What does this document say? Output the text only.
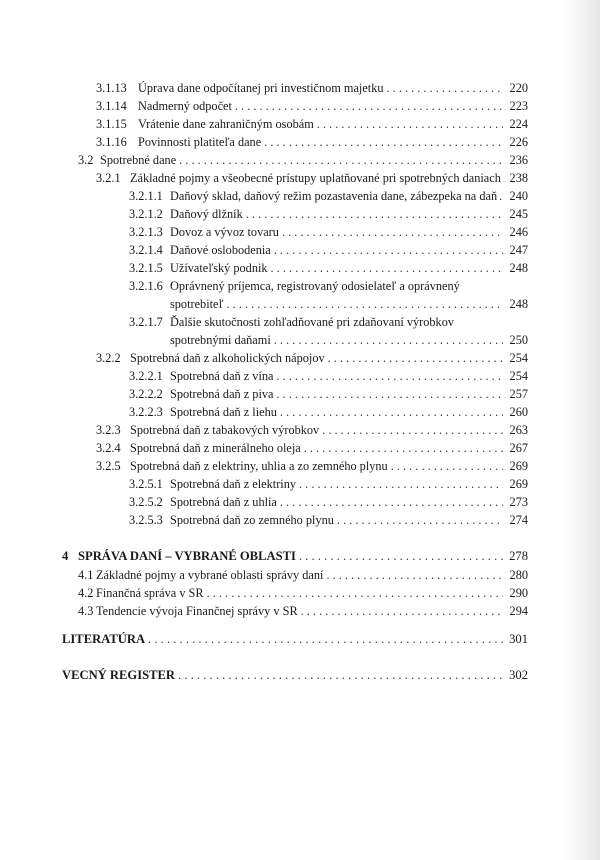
3.1.13 Úprava dane odpočítanej pri investičnom majetku . . .	220
3.1.14 Nadmerný odpočet . . .	223
3.1.15 Vrátenie dane zahraničným osobám . . .	224
3.1.16 Povinnosti platiteľa dane . . .	226
3.2 Spotrebné dane . . .	236
3.2.1 Základné pojmy a všeobecné prístupy uplatňované pri spotrebných daniach . . . 238
3.2.1.1 Daňový sklad, daňový režim pozastavenia dane, zábezpeka na daň . . . 240
3.2.1.2 Daňový dlžník . . .	245
3.2.1.3 Dovoz a vývoz tovaru . . .	246
3.2.1.4 Daňové oslobodenia . . .	247
3.2.1.5 Užívateľský podnik . . .	248
3.2.1.6 Oprávnený príjemca, registrovaný odosielateľ a oprávnený
spotrebiteľ . . .	248
3.2.1.7 Ďalšie skutočnosti zohľadňované pri zdaňovaní výrobkov
spotrebnými daňami . . .	250
3.2.2 Spotrebná daň z alkoholických nápojov . . .	254
3.2.2.1 Spotrebná daň z vína . . .	254
3.2.2.2 Spotrebná daň z piva . . .	257
3.2.2.3 Spotrebná daň z liehu . . .	260
3.2.3 Spotrebná daň z tabakových výrobkov . . .	263
3.2.4 Spotrebná daň z minerálneho oleja . . .	267
3.2.5 Spotrebná daň z elektriny, uhlia a zo zemného plynu . . .	269
3.2.5.1 Spotrebná daň z elektriny . . .	269
3.2.5.2 Spotrebná daň z uhlia . . .	273
3.2.5.3 Spotrebná daň zo zemného plynu . . .	274
4 SPRÁVA DANÍ – VYBRANÉ OBLASTI . . .	278
4.1 Základné pojmy a vybrané oblasti správy daní . . .	280
4.2 Finančná správa v SR . . .	290
4.3 Tendencie vývoja Finančnej správy v SR . . .	294
LITERATÚRA . . .	301
VECNÝ REGISTER . . .	302
